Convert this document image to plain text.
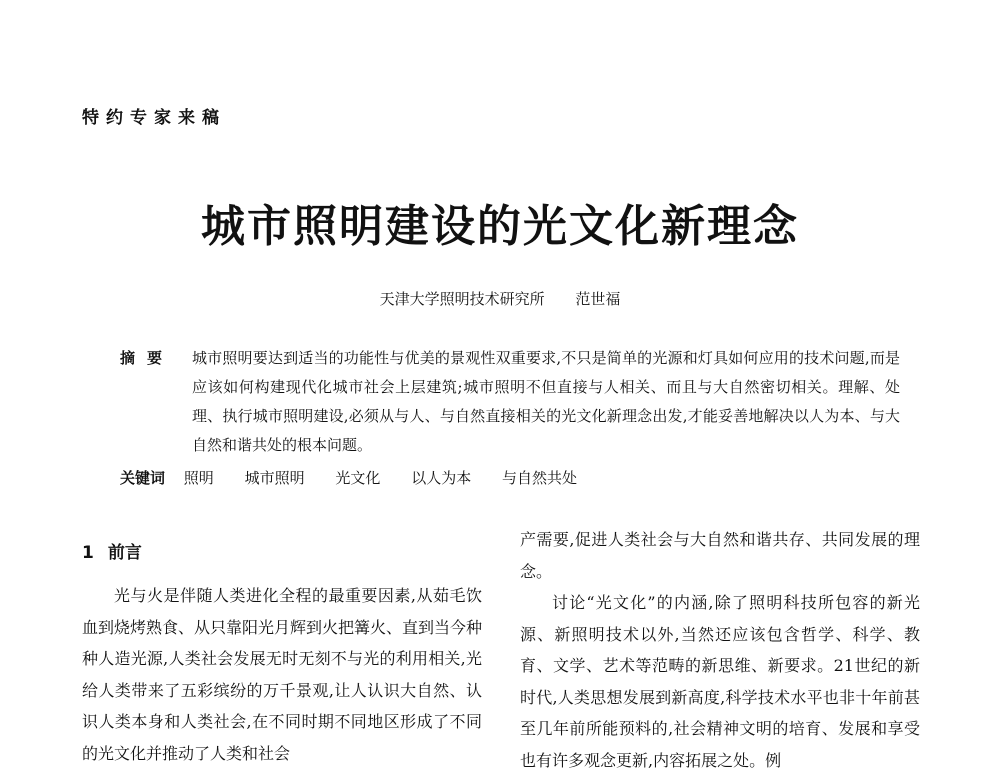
特约专家来稿
城市照明建设的光文化新理念
天津大学照明技术研究所 范世福
摘要 城市照明要达到适当的功能性与优美的景观性双重要求,不只是简单的光源和灯具如何应用的技术问题,而是应该如何构建现代化城市社会上层建筑;城市照明不但直接与人相关、而且与大自然密切相关。理解、处理、执行城市照明建设,必须从与人、与自然直接相关的光文化新理念出发,才能妥善地解决以人为本、与大自然和谐共处的根本问题。
关键词 照明 城市照明 光文化 以人为本 与自然共处
1 前言

光与火是伴随人类进化全程的最重要因素,从茹毛饮血到烧烤熟食、从只靠阳光月辉到火把篝火、直到当今种种人造光源,人类社会发展无时无刻不与光的利用相关,光给人类带来了五彩缤纷的万千景观,让人认识大自然、认识人类本身和人类社会,在不同时期不同地区形成了不同的光文化并推动了人类和社会

产需要,促进人类社会与大自然和谐共存、共同发展的理念。

讨论“光文化”的内涵,除了照明科技所包容的新光源、新照明技术以外,当然还应该包含哲学、科学、教育、文学、艺术等范畴的新思维、新要求。21世纪的新时代,人类思想发展到新高度,科学技术水平也非十年前甚至几年前所能预料的,社会精神文明的培育、发展和享受也有许多观念更新,内容拓展之处。例
